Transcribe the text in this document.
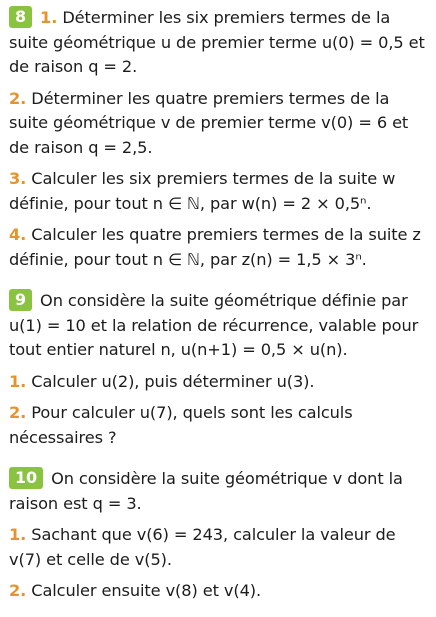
8 1. Déterminer les six premiers termes de la suite géométrique u de premier terme u(0) = 0,5 et de raison q = 2.

2. Déterminer les quatre premiers termes de la suite géométrique v de premier terme v(0) = 6 et de raison q = 2,5.

3. Calculer les six premiers termes de la suite w définie, pour tout n ∈ ℕ, par w(n) = 2 × 0,5ⁿ.

4. Calculer les quatre premiers termes de la suite z définie, pour tout n ∈ ℕ, par z(n) = 1,5 × 3ⁿ.

9 On considère la suite géométrique définie par u(1) = 10 et la relation de récurrence, valable pour tout entier naturel n, u(n+1) = 0,5 × u(n).

1. Calculer u(2), puis déterminer u(3).

2. Pour calculer u(7), quels sont les calculs nécessaires ?

10 On considère la suite géométrique v dont la raison est q = 3.

1. Sachant que v(6) = 243, calculer la valeur de v(7) et celle de v(5).

2. Calculer ensuite v(8) et v(4).
